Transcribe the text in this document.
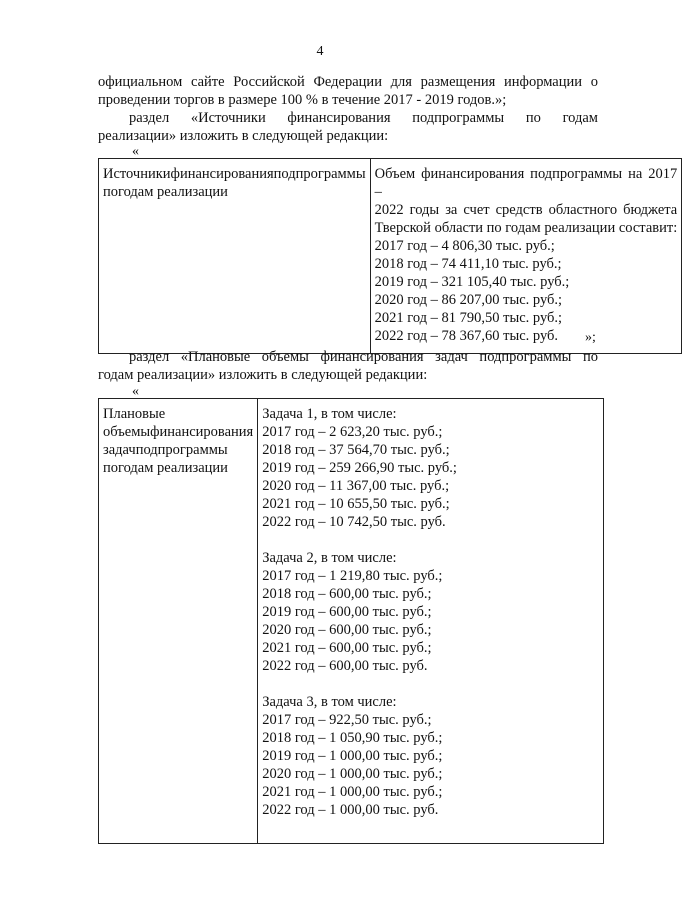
4
официальном сайте Российской Федерации для размещения информации о
проведении торгов в размере 100 % в течение 2017 - 2019 годов.»;
раздел «Источники финансирования подпрограммы по годам
реализации» изложить в следующей редакции:
«
Источникифинансированияподпрограммы погодам реализации

Объем финансирования подпрограммы на 2017 –
2022 годы за счет средств областного бюджета
Тверской области по годам реализации составит:
2017 год – 4 806,30 тыс. руб.;
2018 год – 74 411,10 тыс. руб.;
2019 год – 321 105,40 тыс. руб.;
2020 год – 86 207,00 тыс. руб.;
2021 год – 81 790,50 тыс. руб.;
2022 год – 78 367,60 тыс. руб.	»;
раздел «Плановые объемы финансирования задач подпрограммы по
годам реализации» изложить в следующей редакции:
«
Плановые объемыфинансирования задачподпрограммы погодам реализации

Задача 1, в том числе:
2017 год – 2 623,20 тыс. руб.;
2018 год – 37 564,70 тыс. руб.;
2019 год – 259 266,90 тыс. руб.;
2020 год – 11 367,00 тыс. руб.;
2021 год – 10 655,50 тыс. руб.;
2022 год – 10 742,50 тыс. руб.
Задача 2, в том числе:
2017 год – 1 219,80 тыс. руб.;
2018 год – 600,00 тыс. руб.;
2019 год – 600,00 тыс. руб.;
2020 год – 600,00 тыс. руб.;
2021 год – 600,00 тыс. руб.;
2022 год – 600,00 тыс. руб.
Задача 3, в том числе:
2017 год – 922,50 тыс. руб.;
2018 год – 1 050,90 тыс. руб.;
2019 год – 1 000,00 тыс. руб.;
2020 год – 1 000,00 тыс. руб.;
2021 год – 1 000,00 тыс. руб.;
2022 год – 1 000,00 тыс. руб.
